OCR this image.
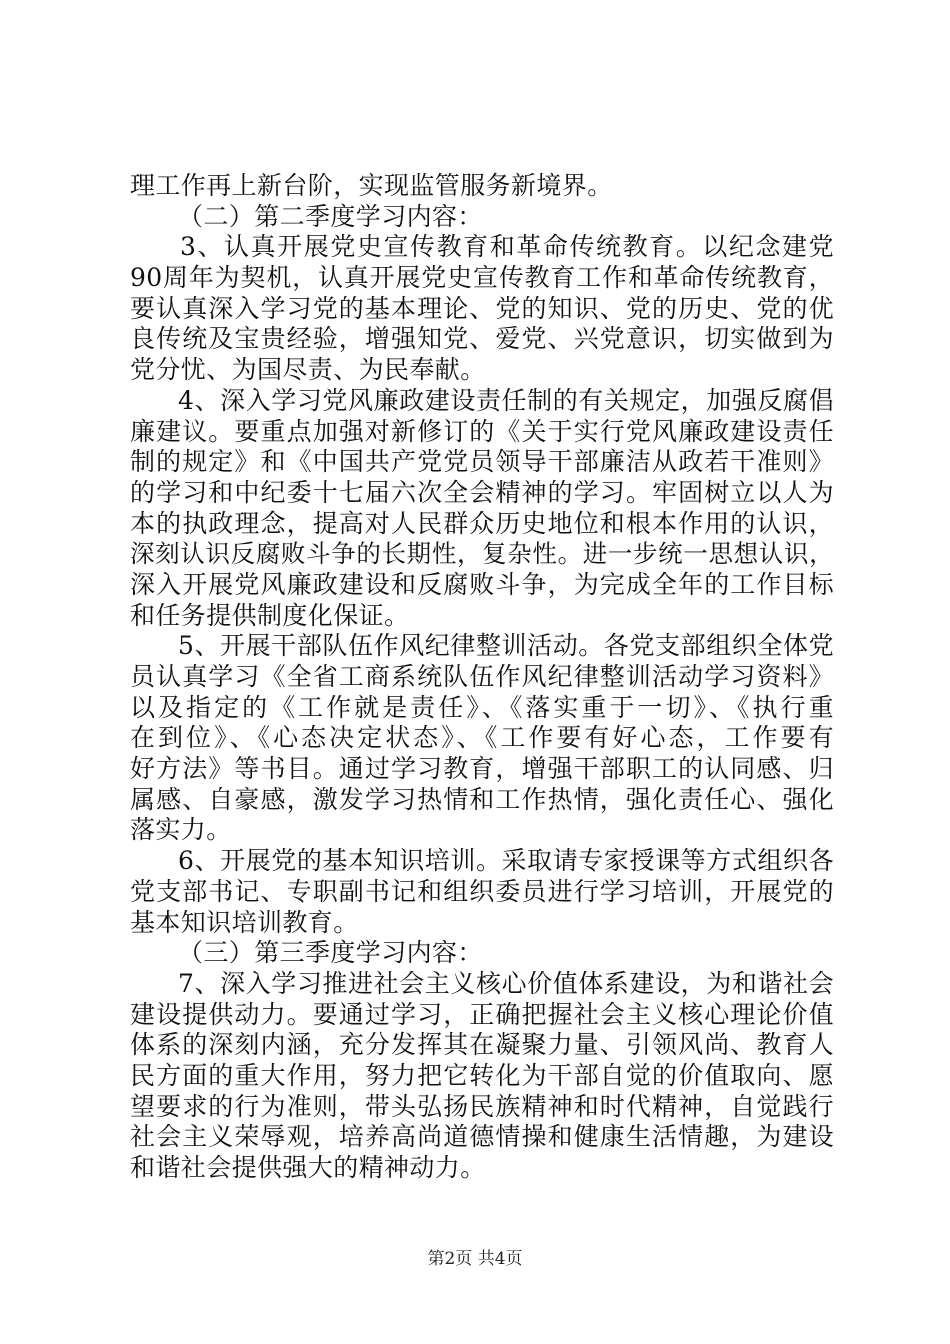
理工作再上新台阶，实现监管服务新境界。
（二）第二季度学习内容：
3、认真开展党史宣传教育和革命传统教育。以纪念建党
90周年为契机，认真开展党史宣传教育工作和革命传统教育，
要认真深入学习党的基本理论、党的知识、党的历史、党的优
良传统及宝贵经验，增强知党、爱党、兴党意识，切实做到为
党分忧、为国尽责、为民奉献。
4、深入学习党风廉政建设责任制的有关规定，加强反腐倡
廉建议。要重点加强对新修订的《关于实行党风廉政建设责任
制的规定》和《中国共产党党员领导干部廉洁从政若干准则》
的学习和中纪委十七届六次全会精神的学习。牢固树立以人为
本的执政理念，提高对人民群众历史地位和根本作用的认识，
深刻认识反腐败斗争的长期性，复杂性。进一步统一思想认识，
深入开展党风廉政建设和反腐败斗争，为完成全年的工作目标
和任务提供制度化保证。
5、开展干部队伍作风纪律整训活动。各党支部组织全体党
员认真学习《全省工商系统队伍作风纪律整训活动学习资料》
以及指定的《工作就是责任》、《落实重于一切》、《执行重
在到位》、《心态决定状态》、《工作要有好心态，工作要有
好方法》等书目。通过学习教育，增强干部职工的认同感、归
属感、自豪感，激发学习热情和工作热情，强化责任心、强化
落实力。
6、开展党的基本知识培训。采取请专家授课等方式组织各
党支部书记、专职副书记和组织委员进行学习培训，开展党的
基本知识培训教育。
（三）第三季度学习内容：
7、深入学习推进社会主义核心价值体系建设，为和谐社会
建设提供动力。要通过学习，正确把握社会主义核心理论价值
体系的深刻内涵，充分发挥其在凝聚力量、引领风尚、教育人
民方面的重大作用，努力把它转化为干部自觉的价值取向、愿
望要求的行为准则，带头弘扬民族精神和时代精神，自觉践行
社会主义荣辱观，培养高尚道德情操和健康生活情趣，为建设
和谐社会提供强大的精神动力。
第2页 共4页
